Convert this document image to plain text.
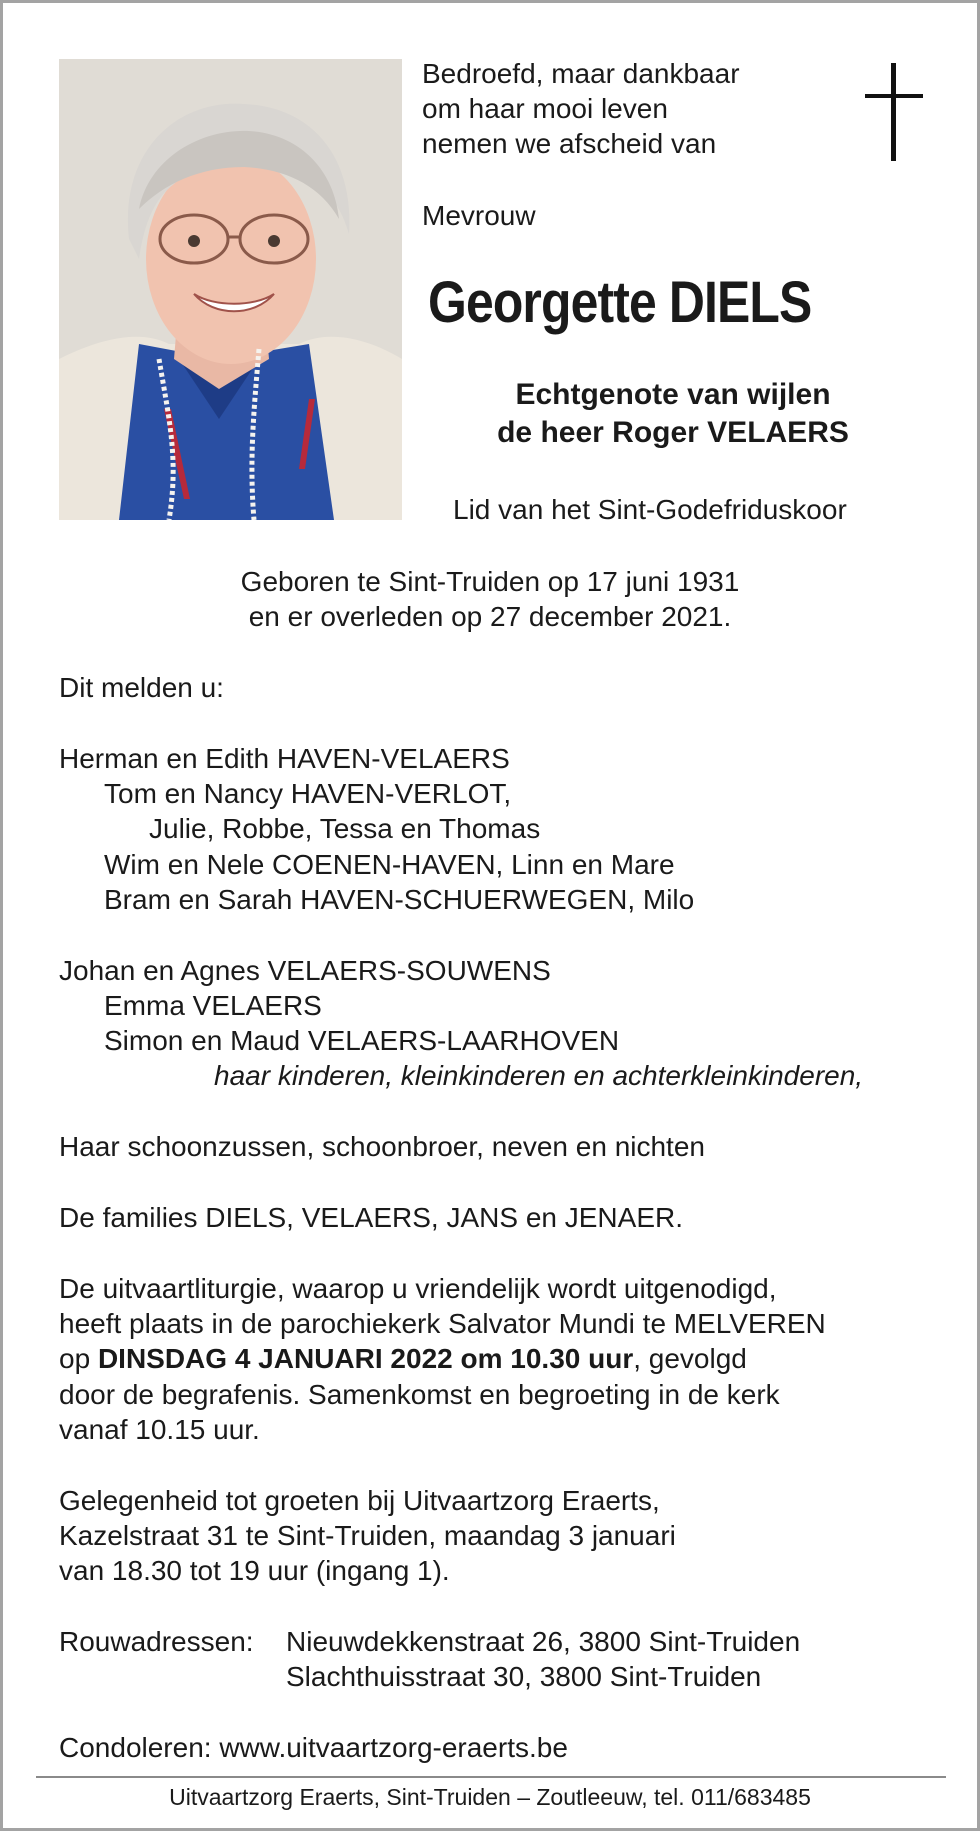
Bedroefd, maar dankbaar
om haar mooi leven
nemen we afscheid van
Mevrouw
Georgette DIELS
Echtgenote van wijlen
de heer Roger VELAERS
Lid van het Sint-Godefriduskoor
Geboren te Sint-Truiden op 17 juni 1931
en er overleden op 27 december 2021.
Dit melden u:
Herman en Edith HAVEN-VELAERS
Tom en Nancy HAVEN-VERLOT,
Julie, Robbe, Tessa en Thomas
Wim en Nele COENEN-HAVEN, Linn en Mare
Bram en Sarah HAVEN-SCHUERWEGEN, Milo
Johan en Agnes VELAERS-SOUWENS
Emma VELAERS
Simon en Maud VELAERS-LAARHOVEN
haar kinderen, kleinkinderen en achterkleinkinderen,
Haar schoonzussen, schoonbroer, neven en nichten
De families DIELS, VELAERS, JANS en JENAER.
De uitvaartliturgie, waarop u vriendelijk wordt uitgenodigd,
heeft plaats in de parochiekerk Salvator Mundi te MELVEREN
op DINSDAG 4 JANUARI 2022 om 10.30 uur, gevolgd
door de begrafenis. Samenkomst en begroeting in de kerk
vanaf 10.15 uur.
Gelegenheid tot groeten bij Uitvaartzorg Eraerts,
Kazelstraat 31 te Sint-Truiden, maandag 3 januari
van 18.30 tot 19 uur (ingang 1).
Rouwadressen: Nieuwdekkenstraat 26, 3800 Sint-Truiden
Slachthuisstraat 30, 3800 Sint-Truiden
Condoleren: www.uitvaartzorg-eraerts.be
Uitvaartzorg Eraerts, Sint-Truiden – Zoutleeuw, tel. 011/683485
